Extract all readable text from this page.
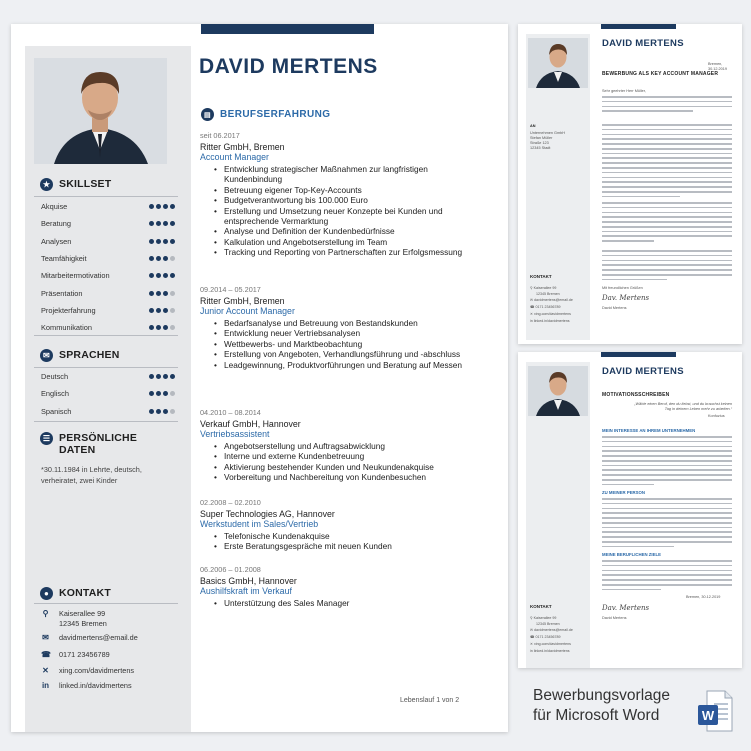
★ SKILLSET
Akquise
Beratung
Analysen
Teamfähigkeit
Mitarbeitermotivation
Präsentation
Projekterfahrung
Kommunikation
✉ SPRACHEN
Deutsch
Englisch
Spanisch
☰ PERSÖNLICHE
DATEN
*30.11.1984 in Lehrte, deutsch, verheiratet, zwei Kinder
● KONTAKT
⚲ Kaiserallee 99
12345 Bremen
✉ davidmertens@email.de
☎ 0171 23456789
✕ xing.com/davidmertens
in linked.in/davidmertens
DAVID MERTENS
▤ BERUFSERFAHRUNG
seit 06.2017
Ritter GmbH, Bremen
Account Manager
• Entwicklung strategischer Maßnahmen zur langfristigen Kundenbindung
• Betreuung eigener Top-Key-Accounts
• Budgetverantwortung bis 100.000 Euro
• Erstellung und Umsetzung neuer Konzepte bei Kunden und entsprechende Vermarktung
• Analyse und Definition der Kundenbedürfnisse
• Kalkulation und Angebotserstellung im Team
• Tracking und Reporting von Partnerschaften zur Erfolgsmessung
09.2014 – 05.2017
Ritter GmbH, Bremen
Junior Account Manager
• Bedarfsanalyse und Betreuung von Bestandskunden
• Entwicklung neuer Vertriebsanalysen
• Wettbewerbs- und Marktbeobachtung
• Erstellung von Angeboten, Verhandlungsführung und -abschluss
• Leadgewinnung, Produktvorführungen und Beratung auf Messen
04.2010 – 08.2014
Verkauf GmbH, Hannover
Vertriebsassistent
• Angebotserstellung und Auftragsabwicklung
• Interne und externe Kundenbetreuung
• Aktivierung bestehender Kunden und Neukundenakquise
• Vorbereitung und Nachbereitung von Kundenbesuchen
02.2008 – 02.2010
Super Technologies AG, Hannover
Werkstudent im Sales/Vertrieb
• Telefonische Kundenakquise
• Erste Beratungsgespräche mit neuen Kunden
06.2006 – 01.2008
Basics GmbH, Hannover
Aushilfskraft im Verkauf
• Unterstützung des Sales Manager
Lebenslauf 1 von 2
DAVID MERTENS
Bremen, 30.12.2019
BEWERBUNG ALS KEY ACCOUNT MANAGER
AN
Unternehmen GmbH
Stefan Müller
Straße 123
12345 Stadt
Sehr geehrter Herr Müller,
Mit freundlichen Grüßen
Dav. Mertens
David Mertens
KONTAKT
⚲ Kaiserallee 99
12345 Bremen
✉ davidmertens@email.de
☎ 0171 23456789
✕ xing.com/davidmertens
in linked.in/davidmertens
DAVID MERTENS
MOTIVATIONSSCHREIBEN
„Wähle einen Beruf, den du liebst, und du brauchst keinen Tag in deinem Leben mehr zu arbeiten.“
Konfuzius
MEIN INTERESSE AN IHREM UNTERNEHMEN
ZU MEINER PERSON
MEINE BERUFLICHEN ZIELE
Bremen, 30.12.2019
Dav. Mertens
David Mertens
KONTAKT
⚲ Kaiserallee 99
12345 Bremen
✉ davidmertens@email.de
☎ 0171 23456789
✕ xing.com/davidmertens
in linked.in/davidmertens
Bewerbungsvorlage
für Microsoft Word	W
